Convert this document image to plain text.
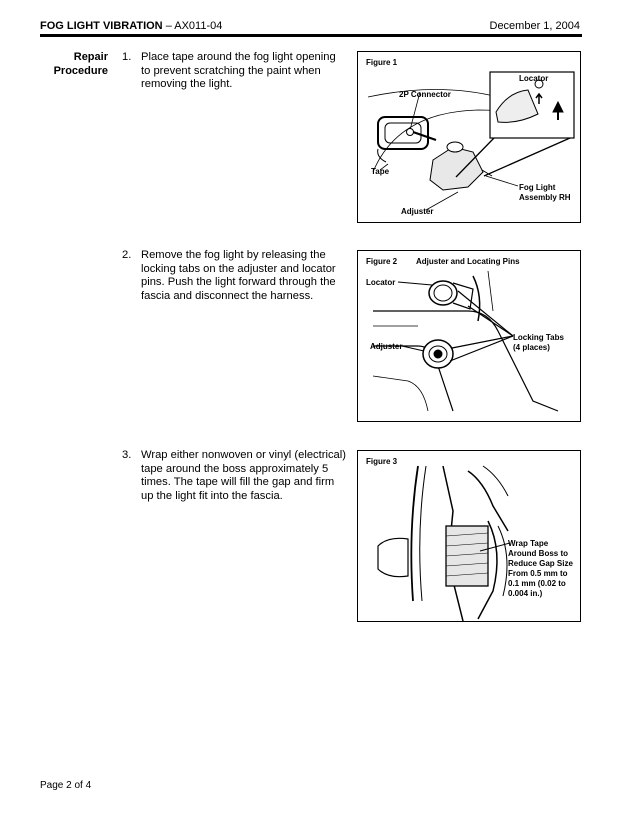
FOG LIGHT VIBRATION – AX011-04	December 1, 2004
Repair
Procedure
1. Place tape around the fog light opening to prevent scratching the paint when removing the light.
2. Remove the fog light by releasing the locking tabs on the adjuster and locator pins. Push the light forward through the fascia and disconnect the harness.
3. Wrap either nonwoven or vinyl (electrical) tape around the boss approximately 5 times. The tape will fill the gap and firm up the light fit into the fascia.
Figure 1
Locator
2P Connector
Tape
Adjuster
Fog Light
Assembly RH
Figure 2 Adjuster and Locating Pins
Locator
Adjuster
Locking Tabs
(4 places)
Figure 3
Wrap Tape
Around Boss to
Reduce Gap Size
From 0.5 mm to
0.1 mm (0.02 to
0.004 in.)
Page 2 of 4
